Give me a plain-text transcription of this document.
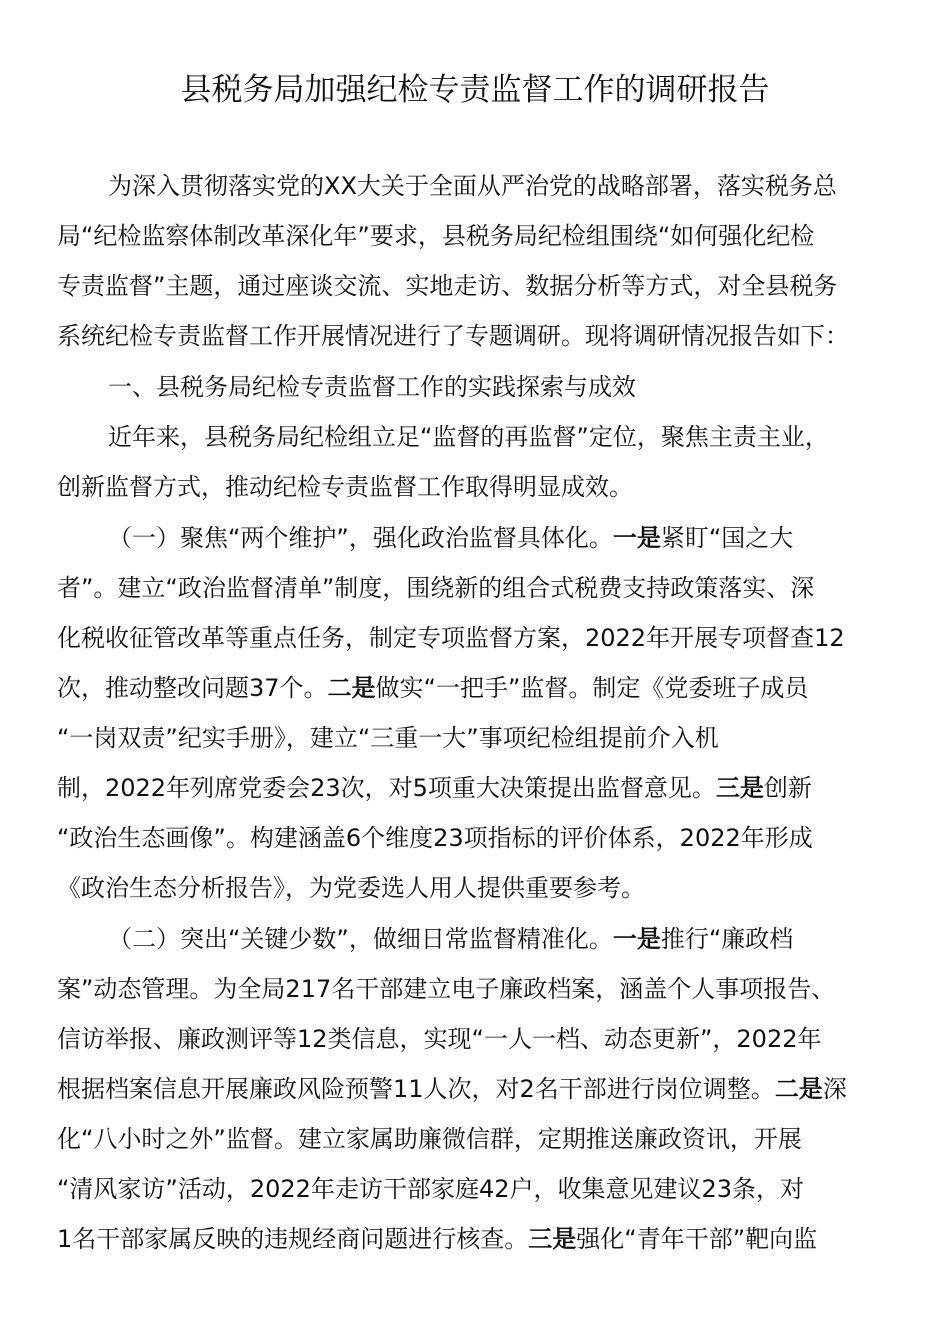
县税务局加强纪检专责监督工作的调研报告
为深入贯彻落实党的XX大关于全面从严治党的战略部署，落实税务总
局“纪检监察体制改革深化年”要求，县税务局纪检组围绕“如何强化纪检
专责监督”主题，通过座谈交流、实地走访、数据分析等方式，对全县税务
系统纪检专责监督工作开展情况进行了专题调研。现将调研情况报告如下：
一、县税务局纪检专责监督工作的实践探索与成效
近年来，县税务局纪检组立足“监督的再监督”定位，聚焦主责主业，
创新监督方式，推动纪检专责监督工作取得明显成效。
（一）聚焦“两个维护”，强化政治监督具体化。一是紧盯“国之大
者”。建立“政治监督清单”制度，围绕新的组合式税费支持政策落实、深
化税收征管改革等重点任务，制定专项监督方案，2022年开展专项督查12
次，推动整改问题37个。二是做实“一把手”监督。制定《党委班子成员
“一岗双责”纪实手册》，建立“三重一大”事项纪检组提前介入机
制，2022年列席党委会23次，对5项重大决策提出监督意见。三是创新
“政治生态画像”。构建涵盖6个维度23项指标的评价体系，2022年形成
《政治生态分析报告》，为党委选人用人提供重要参考。
（二）突出“关键少数”，做细日常监督精准化。一是推行“廉政档
案”动态管理。为全局217名干部建立电子廉政档案，涵盖个人事项报告、
信访举报、廉政测评等12类信息，实现“一人一档、动态更新”，2022年
根据档案信息开展廉政风险预警11人次，对2名干部进行岗位调整。二是深
化“八小时之外”监督。建立家属助廉微信群，定期推送廉政资讯，开展
“清风家访”活动，2022年走访干部家庭42户，收集意见建议23条，对
1名干部家属反映的违规经商问题进行核查。三是强化“青年干部”靶向监
